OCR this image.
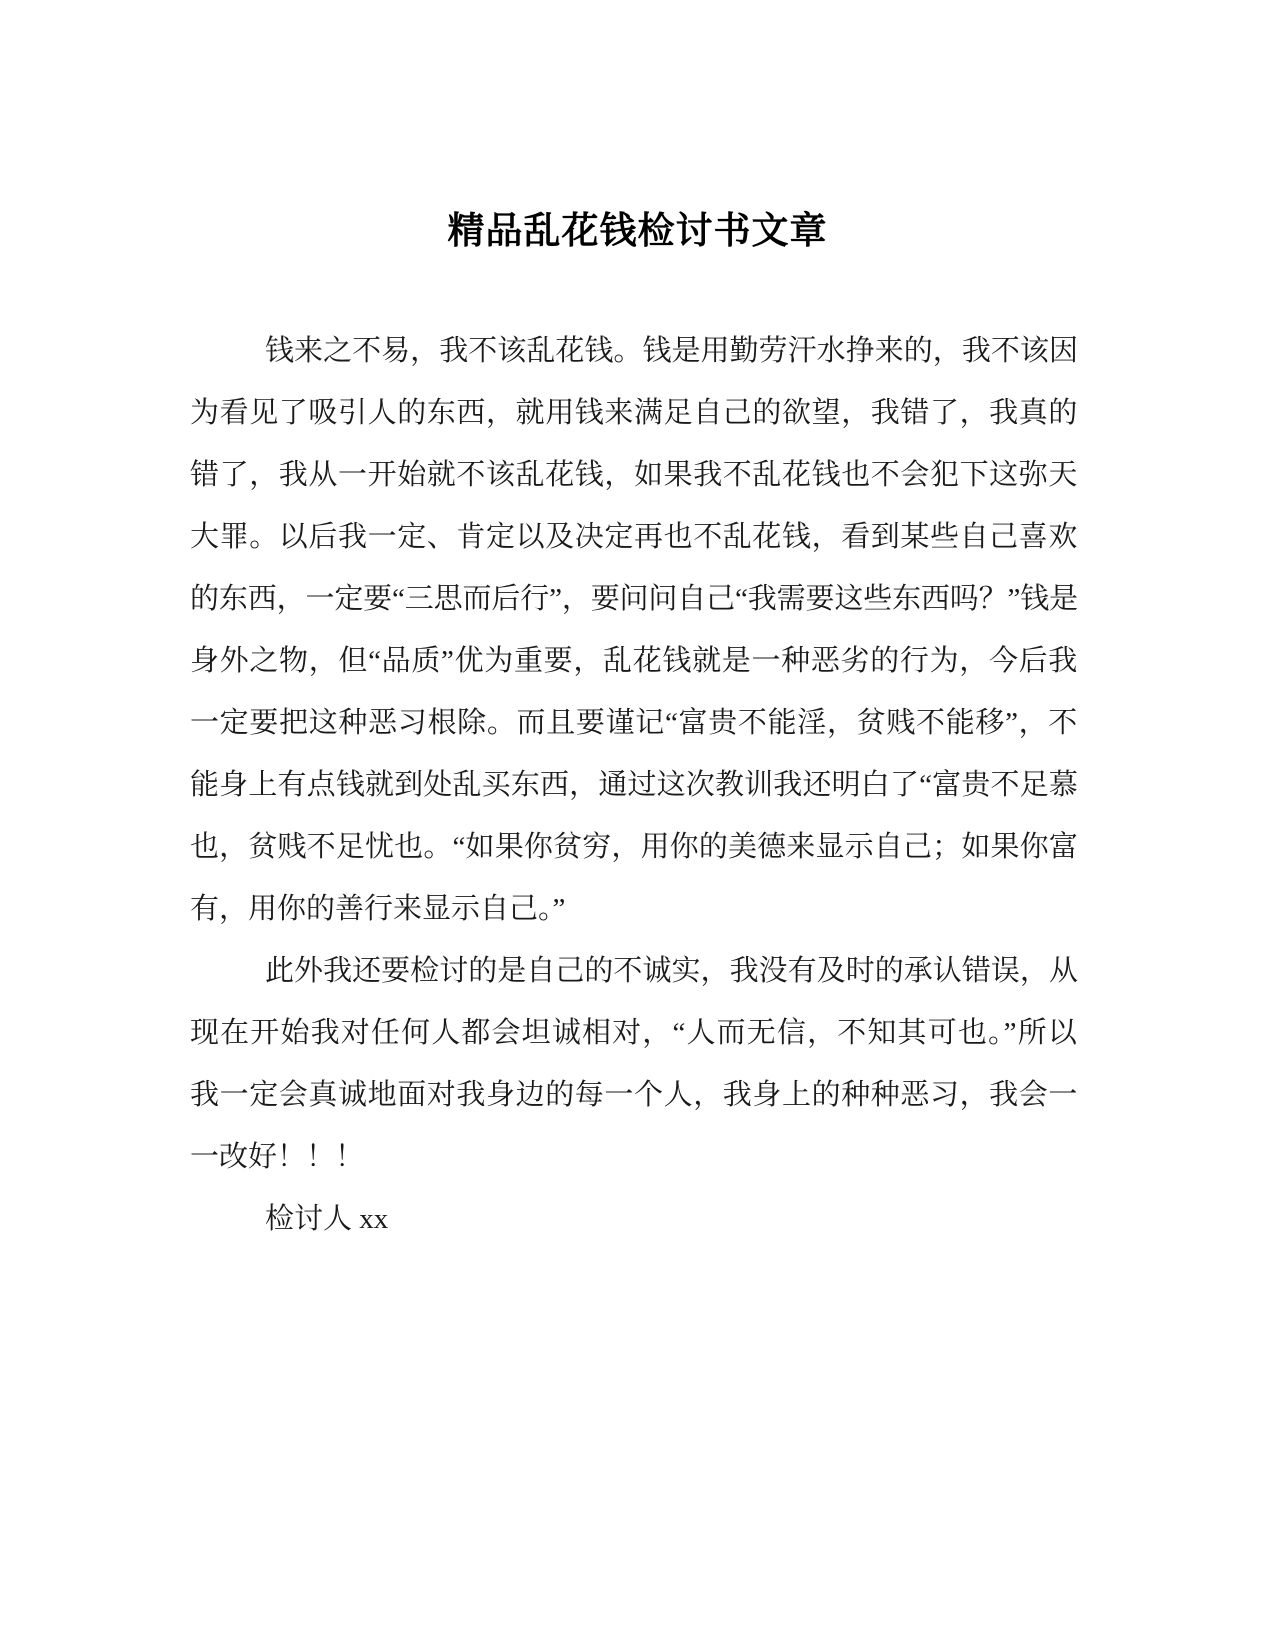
精品乱花钱检讨书文章
钱来之不易，我不该乱花钱。钱是用勤劳汗水挣来的，我不该因
为看见了吸引人的东西，就用钱来满足自己的欲望，我错了，我真的
错了，我从一开始就不该乱花钱，如果我不乱花钱也不会犯下这弥天
大罪。以后我一定、肯定以及决定再也不乱花钱，看到某些自己喜欢
的东西，一定要“三思而后行”，要问问自己“我需要这些东西吗？”钱是
身外之物，但“品质”优为重要，乱花钱就是一种恶劣的行为，今后我
一定要把这种恶习根除。而且要谨记“富贵不能淫，贫贱不能移”，不
能身上有点钱就到处乱买东西，通过这次教训我还明白了“富贵不足慕
也，贫贱不足忧也。“如果你贫穷，用你的美德来显示自己；如果你富
有，用你的善行来显示自己。”
此外我还要检讨的是自己的不诚实，我没有及时的承认错误，从
现在开始我对任何人都会坦诚相对，“人而无信，不知其可也。”所以
我一定会真诚地面对我身边的每一个人，我身上的种种恶习，我会一
一改好！！！
检讨人 xx
